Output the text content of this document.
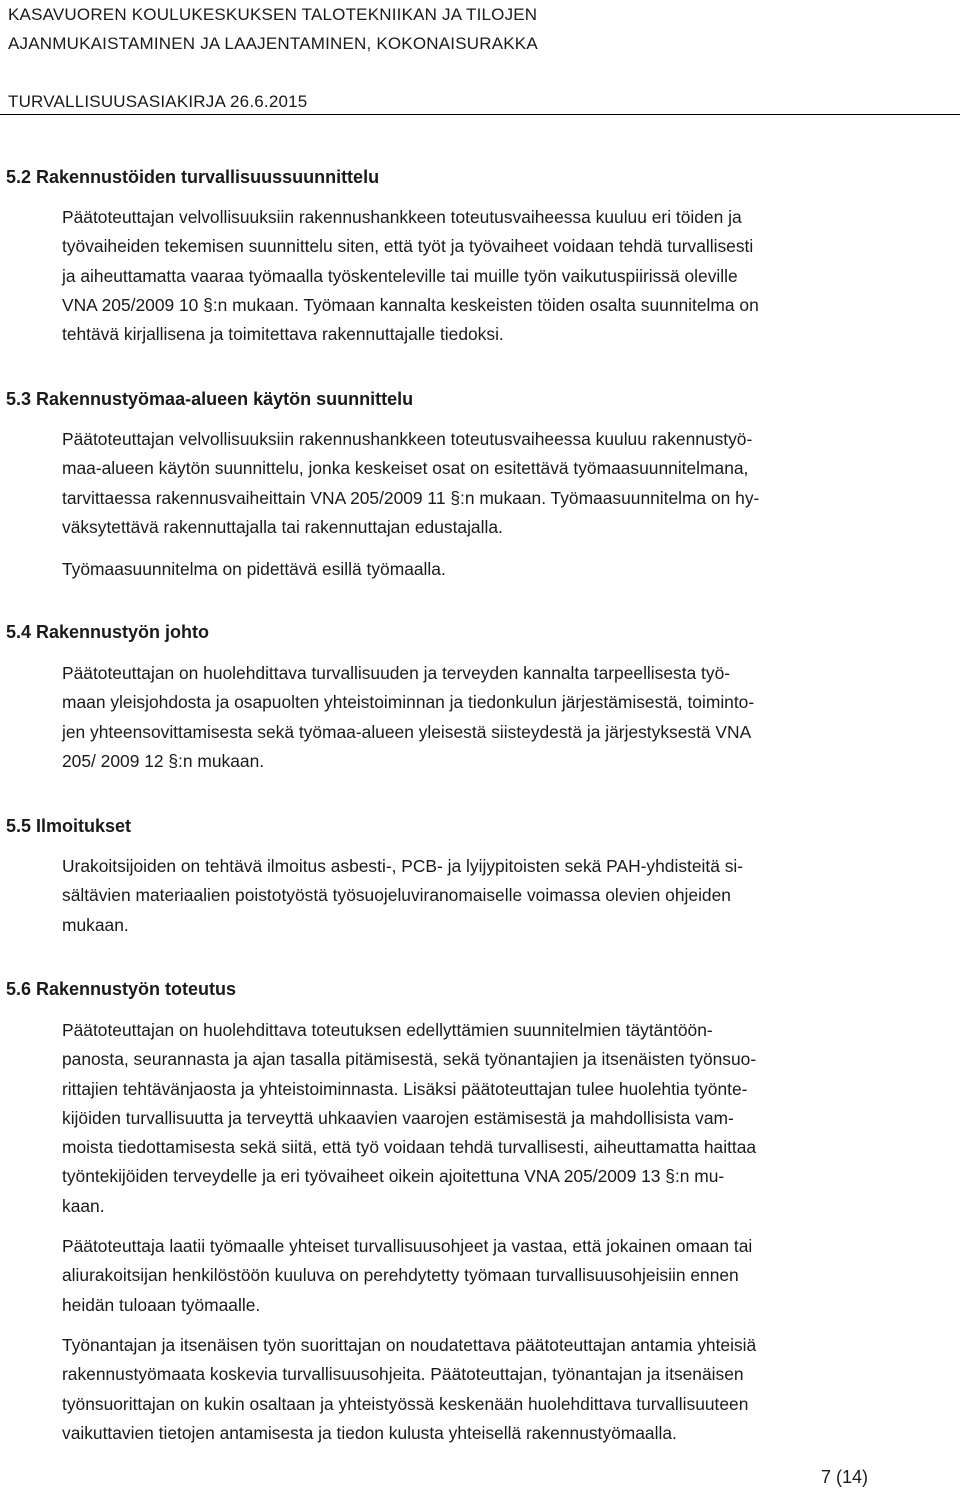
KASAVUOREN KOULUKESKUKSEN TALOTEKNIIKAN JA TILOJEN
AJANMUKAISTAMINEN JA LAAJENTAMINEN, KOKONAISURAKKA
TURVALLISUUSASIAKIRJA 26.6.2015
5.2 Rakennustöiden turvallisuussuunnittelu
Päätoteuttajan velvollisuuksiin rakennushankkeen toteutusvaiheessa kuuluu eri töiden ja
työvaiheiden tekemisen suunnittelu siten, että työt ja työvaiheet voidaan tehdä turvallisesti
ja aiheuttamatta vaaraa työmaalla työskenteleville tai muille työn vaikutuspiirissä oleville
VNA 205/2009 10 §:n mukaan. Työmaan kannalta keskeisten töiden osalta suunnitelma on
tehtävä kirjallisena ja toimitettava rakennuttajalle tiedoksi.
5.3 Rakennustyömaa-alueen käytön suunnittelu
Päätoteuttajan velvollisuuksiin rakennushankkeen toteutusvaiheessa kuuluu rakennustyö-
maa-alueen käytön suunnittelu, jonka keskeiset osat on esitettävä työmaasuunnitelmana,
tarvittaessa rakennusvaiheittain VNA 205/2009 11 §:n mukaan. Työmaasuunnitelma on hy-
väksytettävä rakennuttajalla tai rakennuttajan edustajalla.
Työmaasuunnitelma on pidettävä esillä työmaalla.
5.4 Rakennustyön johto
Päätoteuttajan on huolehdittava turvallisuuden ja terveyden kannalta tarpeellisesta työ-
maan yleisjohdosta ja osapuolten yhteistoiminnan ja tiedonkulun järjestämisestä, toiminto-
jen yhteensovittamisesta sekä työmaa-alueen yleisestä siisteydestä ja järjestyksestä VNA
205/ 2009 12 §:n mukaan.
5.5 Ilmoitukset
Urakoitsijoiden on tehtävä ilmoitus asbesti-, PCB- ja lyijypitoisten sekä PAH-yhdisteitä si-
sältävien materiaalien poistotyöstä työsuojeluviranomaiselle voimassa olevien ohjeiden
mukaan.
5.6 Rakennustyön toteutus
Päätoteuttajan on huolehdittava toteutuksen edellyttämien suunnitelmien täytäntöön-
panosta, seurannasta ja ajan tasalla pitämisestä, sekä työnantajien ja itsenäisten työnsuo-
rittajien tehtävänjaosta ja yhteistoiminnasta. Lisäksi päätoteuttajan tulee huolehtia työnte-
kijöiden turvallisuutta ja terveyttä uhkaavien vaarojen estämisestä ja mahdollisista vam-
moista tiedottamisesta sekä siitä, että työ voidaan tehdä turvallisesti, aiheuttamatta haittaa
työntekijöiden terveydelle ja eri työvaiheet oikein ajoitettuna VNA 205/2009 13 §:n mu-
kaan.
Päätoteuttaja laatii työmaalle yhteiset turvallisuusohjeet ja vastaa, että jokainen omaan tai
aliurakoitsijan henkilöstöön kuuluva on perehdytetty työmaan turvallisuusohjeisiin ennen
heidän tuloaan työmaalle.
Työnantajan ja itsenäisen työn suorittajan on noudatettava päätoteuttajan antamia yhteisiä
rakennustyömaata koskevia turvallisuusohjeita. Päätoteuttajan, työnantajan ja itsenäisen
työnsuorittajan on kukin osaltaan ja yhteistyössä keskenään huolehdittava turvallisuuteen
vaikuttavien tietojen antamisesta ja tiedon kulusta yhteisellä rakennustyömaalla.
7 (14)
